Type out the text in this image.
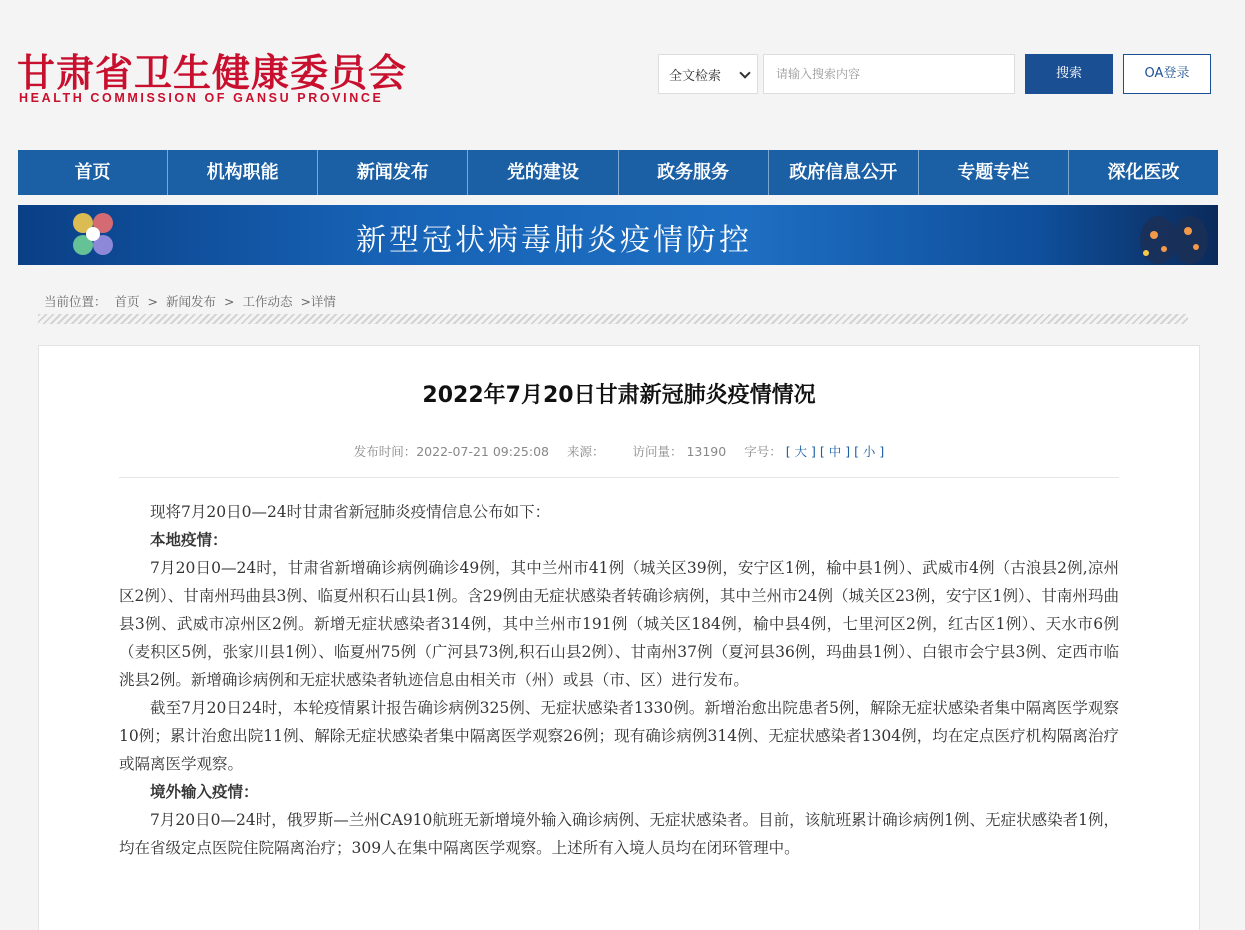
甘肃省卫生健康委员会
HEALTH COMMISSION OF GANSU PROVINCE
全文检索	请输入搜索内容	搜索	OA登录
首页	机构职能	新闻发布	党的建设	政务服务	政府信息公开	专题专栏	深化医改
新型冠状病毒肺炎疫情防控
当前位置： 首页 > 新闻发布 > 工作动态 >详情
2022年7月20日甘肃新冠肺炎疫情情况
发布时间：2022-07-21 09:25:08 来源： 访问量： 13190 字号： [ 大 ] [ 中 ] [ 小 ]

现将7月20日0—24时甘肃省新冠肺炎疫情信息公布如下：

本地疫情：

7月20日0—24时，甘肃省新增确诊病例确诊49例，其中兰州市41例（城关区39例，安宁区1例，榆中县1例）、武威市4例（古浪县2例,凉州区2例）、甘南州玛曲县3例、临夏州积石山县1例。含29例由无症状感染者转确诊病例，其中兰州市24例（城关区23例，安宁区1例）、甘南州玛曲县3例、武威市凉州区2例。新增无症状感染者314例，其中兰州市191例（城关区184例，榆中县4例，七里河区2例，红古区1例）、天水市6例（麦积区5例，张家川县1例）、临夏州75例（广河县73例,积石山县2例）、甘南州37例（夏河县36例，玛曲县1例）、白银市会宁县3例、定西市临洮县2例。新增确诊病例和无症状感染者轨迹信息由相关市（州）或县（市、区）进行发布。

截至7月20日24时，本轮疫情累计报告确诊病例325例、无症状感染者1330例。新增治愈出院患者5例，解除无症状感染者集中隔离医学观察10例；累计治愈出院11例、解除无症状感染者集中隔离医学观察26例；现有确诊病例314例、无症状感染者1304例，均在定点医疗机构隔离治疗或隔离医学观察。

境外输入疫情：

7月20日0—24时，俄罗斯—兰州CA910航班无新增境外输入确诊病例、无症状感染者。目前，该航班累计确诊病例1例、无症状感染者1例，均在省级定点医院住院隔离治疗；309人在集中隔离医学观察。上述所有入境人员均在闭环管理中。
